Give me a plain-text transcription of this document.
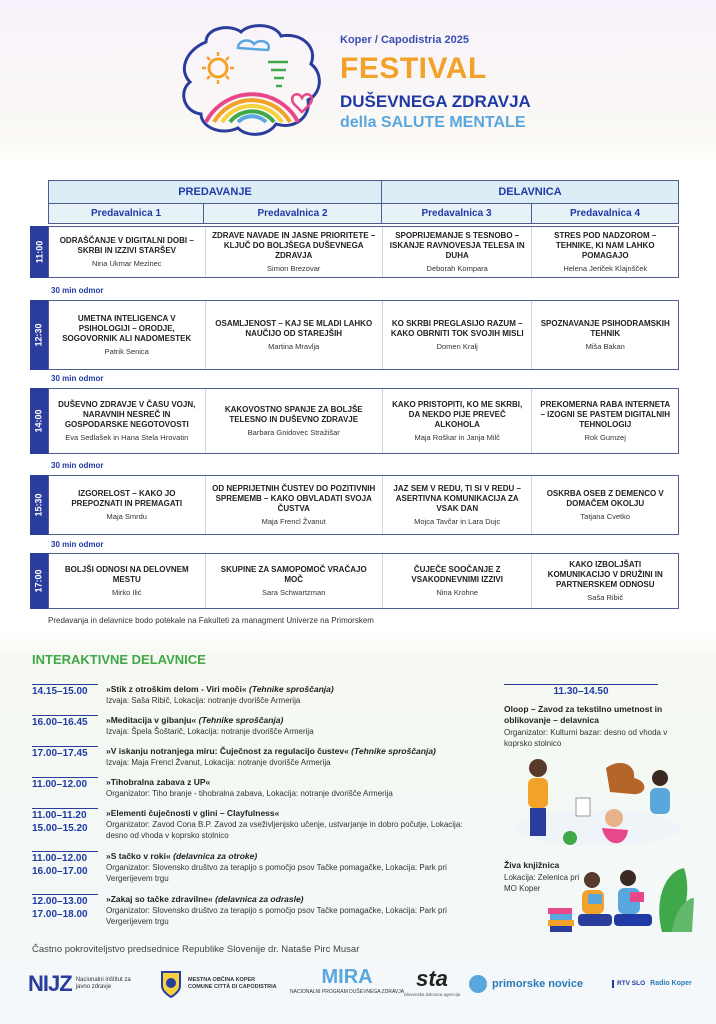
Koper / Capodistria 2025
FESTIVAL
DUŠEVNEGA ZDRAVJA
della SALUTE MENTALE
PREDAVANJE	DELAVNICA
Predavalnica 1	Predavalnica 2	Predavalnica 3	Predavalnica 4
11:00
ODRAŠČANJE V DIGITALNI DOBI – SKRBI IN IZZIVI STARŠEV
Nina Ukmar Mezinec
ZDRAVE NAVADE IN JASNE PRIORITETE – KLJUČ DO BOLJŠEGA DUŠEVNEGA ZDRAVJA
Simon Brezovar
SPOPRIJEMANJE S TESNOBO – ISKANJE RAVNOVESJA TELESA IN DUHA
Deborah Kompara
STRES POD NADZOROM – TEHNIKE, KI NAM LAHKO POMAGAJO
Helena Jeriček Klajnšček
30 min odmor
12:30
UMETNA INTELIGENCA V PSIHOLOGIJI – ORODJE, SOGOVORNIK ALI NADOMESTEK
Patrik Senica
OSAMLJENOST – KAJ SE MLADI LAHKO NAUČIJO OD STAREJŠIH
Martina Mravlja
KO SKRBI PREGLASIJO RAZUM – KAKO OBRNITI TOK SVOJIH MISLI
Domen Kralj
SPOZNAVANJE PSIHODRAMSKIH TEHNIK
Miša Bakan
30 min odmor
14:00
DUŠEVNO ZDRAVJE V ČASU VOJN, NARAVNIH NESREČ IN GOSPODARSKE NEGOTOVOSTI
Eva Sedlašek in Hana Stela Hrovatin
KAKOVOSTNO SPANJE ZA BOLJŠE TELESNO IN DUŠEVNO ZDRAVJE
Barbara Gnidovec Stražišar
KAKO PRISTOPITI, KO ME SKRBI, DA NEKDO PIJE PREVEČ ALKOHOLA
Maja Roškar in Janja Milč
PREKOMERNA RABA INTERNETA – IZOGNI SE PASTEM DIGITALNIH TEHNOLOGIJ
Rok Gumzej
30 min odmor
15:30	IZGORELOST – KAKO JO PREPOZNATI IN PREMAGATI
Maja Smrdu
OD NEPRIJETNIH ČUSTEV DO POZITIVNIH SPREMEMB – KAKO OBVLADATI SVOJA ČUSTVA
Maja Frencl Žvanut
JAZ SEM V REDU, TI SI V REDU – ASERTIVNA KOMUNIKACIJA ZA VSAK DAN
Mojca Tavčar in Lara Dujc
OSKRBA OSEB Z DEMENCO V DOMAČEM OKOLJU
Tatjana Cvetko
30 min odmor
17:00	BOLJŠI ODNOSI NA DELOVNEM MESTU
Mirko Ilić
SKUPINE ZA SAMOPOMOČ VRAČAJO MOČ
Sara Schwartzman
ČUJEČE SOOČANJE Z VSAKODNEVNIMI IZZIVI
Nina Krohne
KAKO IZBOLJŠATI KOMUNIKACIJO V DRUŽINI IN PARTNERSKEM ODNOSU
Saša Ribič
Predavanja in delavnice bodo potekale na Fakulteti za managment Univerze na Primorskem
INTERAKTIVNE DELAVNICE
14.15–15.00	»Stik z otroškim delom - Viri moči« (Tehnike sproščanja)
Izvaja: Saša Ribič, Lokacija: notranje dvorišče Armerija
16.00–16.45	»Meditacija v gibanju« (Tehnike sproščanja)
Izvaja: Špela Šoštarič, Lokacija: notranje dvorišče Armerija
17.00–17.45	»V iskanju notranjega miru: Čuječnost za regulacijo čustev« (Tehnike sproščanja)
Izvaja: Maja Frencl Žvanut, Lokacija: notranje dvorišče Armerija
11.00–12.00	»Tihobralna zabava z UP«
Organizator: Tiho branje - tihobralna zabava, Lokacija: notranje dvorišče Armerija
11.00–11.20
15.00–15.20
»Elementi čuječnosti v glini – Clayfulness«
Organizator: Zavod Cona B.P. Zavod za vseživljenjsko učenje, ustvarjanje in dobro počutje, Lokacija: desno od vhoda v koprsko stolnico
11.00–12.00
16.00–17.00
»S tačko v roki« (delavnica za otroke)
Organizator: Slovensko društvo za terapijo s pomočjo psov Tačke pomagačke, Lokacija: Park pri Vergerijevem trgu
12.00–13.00
17.00–18.00
»Zakaj so tačke zdravilne« (delavnica za odrasle)
Organizator: Slovensko društvo za terapijo s pomočjo psov Tačke pomagačke, Lokacija: Park pri Vergerijevem trgu
11.30–14.50
Oloop – Zavod za tekstilno umetnost in oblikovanje – delavnica
Organizator: Kulturni bazar: desno od vhoda v koprsko stolnico
Živa knjižnica
Lokacija: Zelenica pri MO Koper
Častno pokroviteljstvo predsednice Republike Slovenije dr. Nataše Pirc Musar
NIJZ Nacionalni inštitut za javno zdravje
MESTNA OBČINA KOPER COMUNE CITTÀ DI CAPODISTRIA MIRA
NACIONALNI PROGRAM DUŠEVNEGA ZDRAVJA
sta
Slovenska tiskovna agencija
primorske novice	RTV SLO Radio Koper
